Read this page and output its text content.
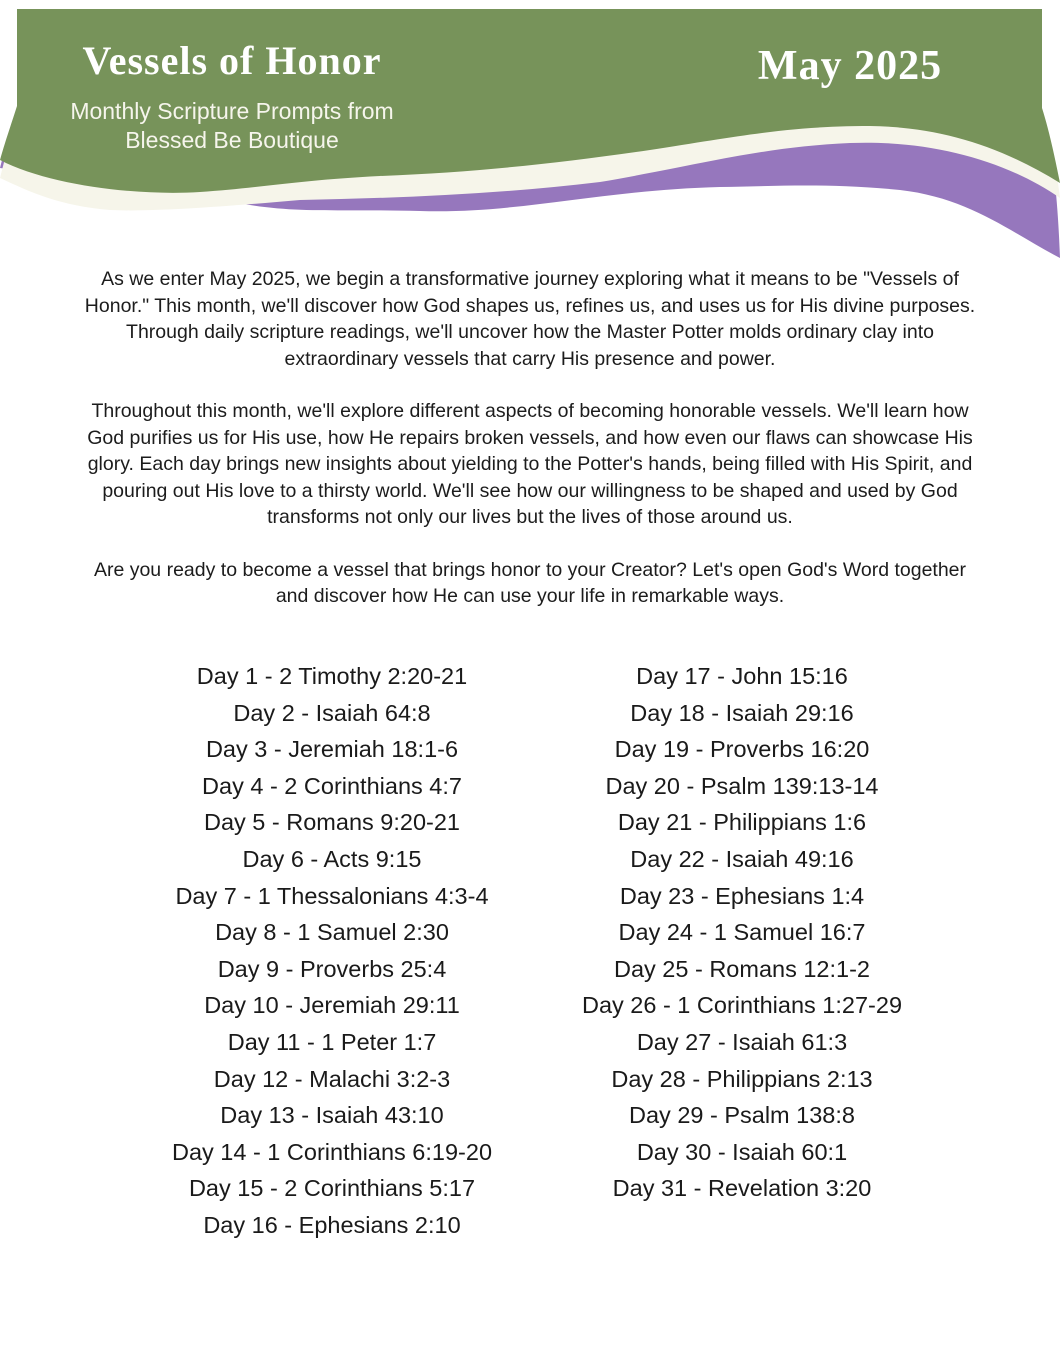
Vessels of Honor
Monthly Scripture Prompts from
Blessed Be Boutique
May 2025

As we enter May 2025, we begin a transformative journey exploring what it means to be "Vessels of Honor." This month, we'll discover how God shapes us, refines us, and uses us for His divine purposes. Through daily scripture readings, we'll uncover how the Master Potter molds ordinary clay into extraordinary vessels that carry His presence and power.

Throughout this month, we'll explore different aspects of becoming honorable vessels. We'll learn how God purifies us for His use, how He repairs broken vessels, and how even our flaws can showcase His glory. Each day brings new insights about yielding to the Potter's hands, being filled with His Spirit, and pouring out His love to a thirsty world. We'll see how our willingness to be shaped and used by God transforms not only our lives but the lives of those around us.

Are you ready to become a vessel that brings honor to your Creator? Let's open God's Word together and discover how He can use your life in remarkable ways.

Day 1 - 2 Timothy 2:20-21
Day 2 - Isaiah 64:8
Day 3 - Jeremiah 18:1-6
Day 4 - 2 Corinthians 4:7
Day 5 - Romans 9:20-21
Day 6 - Acts 9:15
Day 7 - 1 Thessalonians 4:3-4
Day 8 - 1 Samuel 2:30
Day 9 - Proverbs 25:4
Day 10 - Jeremiah 29:11
Day 11 - 1 Peter 1:7
Day 12 - Malachi 3:2-3
Day 13 - Isaiah 43:10
Day 14 - 1 Corinthians 6:19-20
Day 15 - 2 Corinthians 5:17
Day 16 - Ephesians 2:10
Day 17 - John 15:16
Day 18 - Isaiah 29:16
Day 19 - Proverbs 16:20
Day 20 - Psalm 139:13-14
Day 21 - Philippians 1:6
Day 22 - Isaiah 49:16
Day 23 - Ephesians 1:4
Day 24 - 1 Samuel 16:7
Day 25 - Romans 12:1-2
Day 26 - 1 Corinthians 1:27-29
Day 27 - Isaiah 61:3
Day 28 - Philippians 2:13
Day 29 - Psalm 138:8
Day 30 - Isaiah 60:1
Day 31 - Revelation 3:20
